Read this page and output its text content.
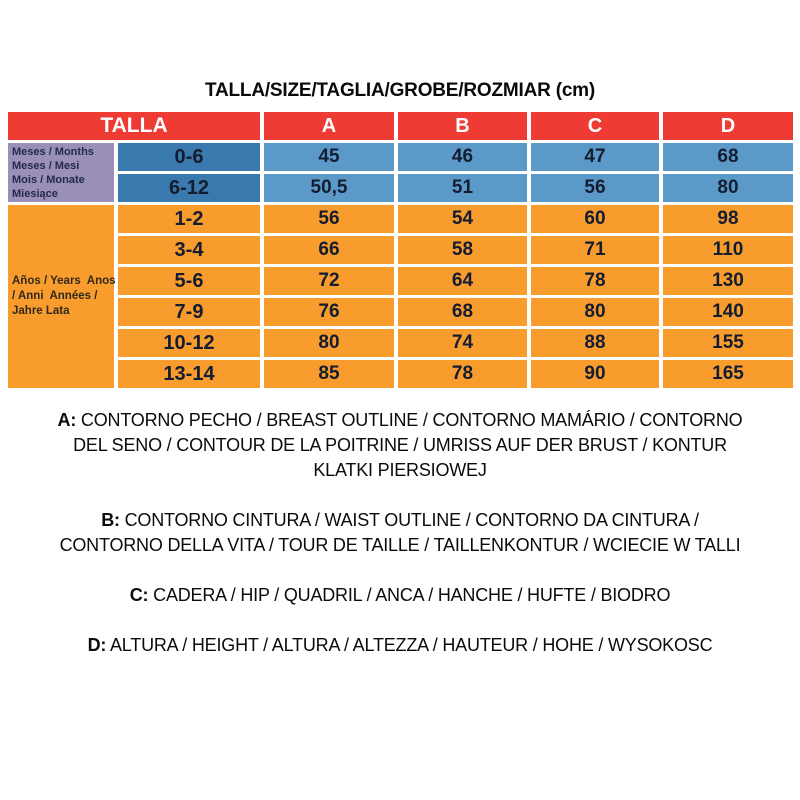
TALLA/SIZE/TAGLIA/GROBE/ROZMIAR (cm)
TALLA	A	B	C	D
Meses / Months
Meses / Mesi
Mois / Monate
Miesiące
Años / Years  Anos
/ Anni  Années /
Jahre Lata
0-6	45	46	47	68
6-12	50,5	51	56	80
1-2	56	54	60	98
3-4	66	58	71	110
5-6	72	64	78	130
7-9	76	68	80	140
10-12	80	74	88	155
13-14	85	78	90	165

A: CONTORNO PECHO / BREAST OUTLINE / CONTORNO MAMÁRIO / CONTORNO DEL SENO / CONTOUR DE LA POITRINE / UMRISS AUF DER BRUST / KONTUR KLATKI PIERSIOWEJ

B: CONTORNO CINTURA / WAIST OUTLINE / CONTORNO DA CINTURA / CONTORNO DELLA VITA / TOUR DE TAILLE / TAILLENKONTUR / WCIECIE W TALLI

C: CADERA / HIP / QUADRIL / ANCA / HANCHE / HUFTE / BIODRO

D: ALTURA / HEIGHT / ALTURA / ALTEZZA / HAUTEUR / HOHE / WYSOKOSC
